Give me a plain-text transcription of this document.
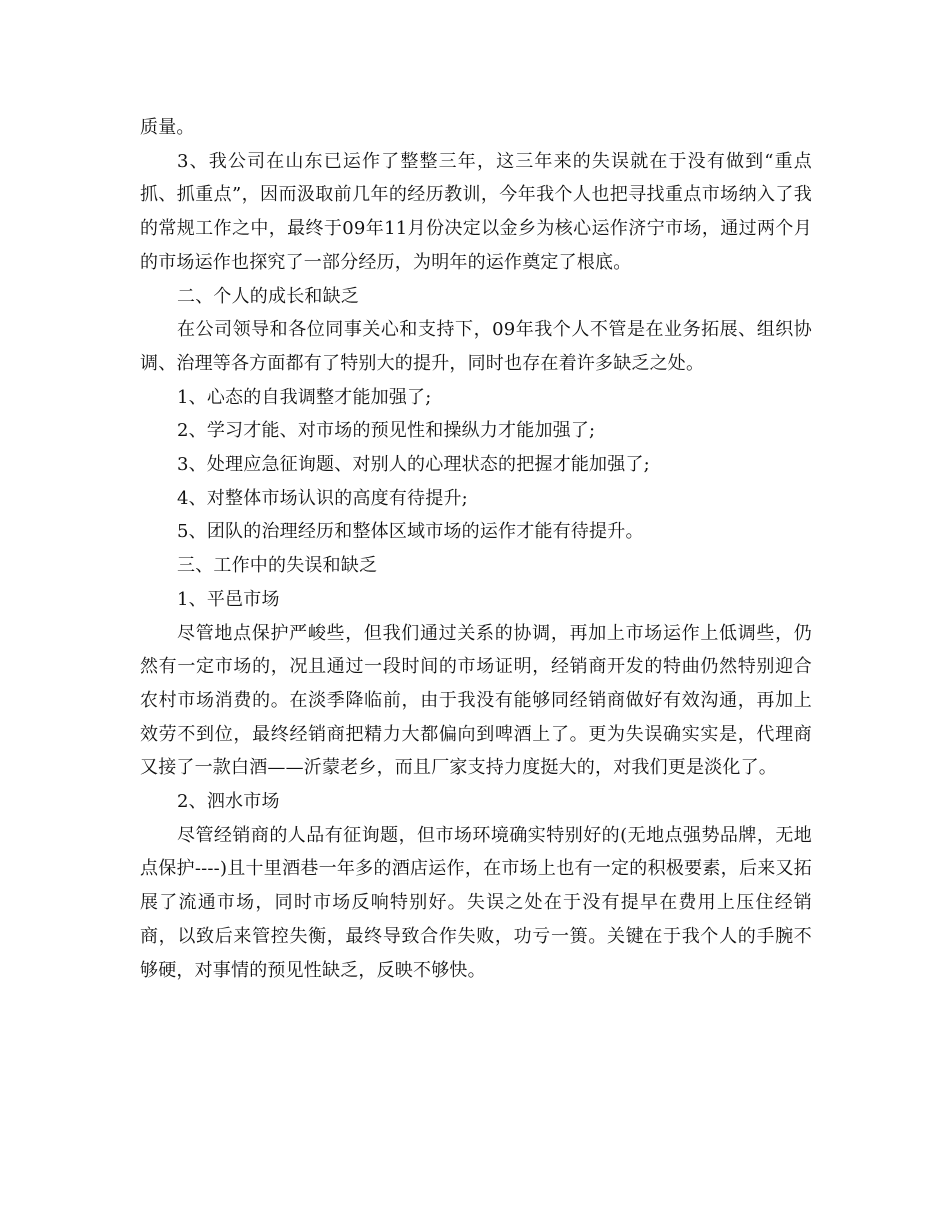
质量。

3、我公司在山东已运作了整整三年，这三年来的失误就在于没有做到“重点抓、抓重点”，因而汲取前几年的经历教训，今年我个人也把寻找重点市场纳入了我的常规工作之中，最终于09年11月份决定以金乡为核心运作济宁市场，通过两个月的市场运作也探究了一部分经历，为明年的运作奠定了根底。

二、个人的成长和缺乏

在公司领导和各位同事关心和支持下，09年我个人不管是在业务拓展、组织协调、治理等各方面都有了特别大的提升，同时也存在着许多缺乏之处。

1、心态的自我调整才能加强了;

2、学习才能、对市场的预见性和操纵力才能加强了;

3、处理应急征询题、对别人的心理状态的把握才能加强了;

4、对整体市场认识的高度有待提升;

5、团队的治理经历和整体区域市场的运作才能有待提升。

三、工作中的失误和缺乏

1、平邑市场

尽管地点保护严峻些，但我们通过关系的协调，再加上市场运作上低调些，仍然有一定市场的，况且通过一段时间的市场证明，经销商开发的特曲仍然特别迎合农村市场消费的。在淡季降临前，由于我没有能够同经销商做好有效沟通，再加上效劳不到位，最终经销商把精力大都偏向到啤酒上了。更为失误确实实是，代理商又接了一款白酒——沂蒙老乡，而且厂家支持力度挺大的，对我们更是淡化了。

2、泗水市场

尽管经销商的人品有征询题，但市场环境确实特别好的(无地点强势品牌，无地点保护----)且十里酒巷一年多的酒店运作，在市场上也有一定的积极要素，后来又拓展了流通市场，同时市场反响特别好。失误之处在于没有提早在费用上压住经销商，以致后来管控失衡，最终导致合作失败，功亏一篑。关键在于我个人的手腕不够硬，对事情的预见性缺乏，反映不够快。
